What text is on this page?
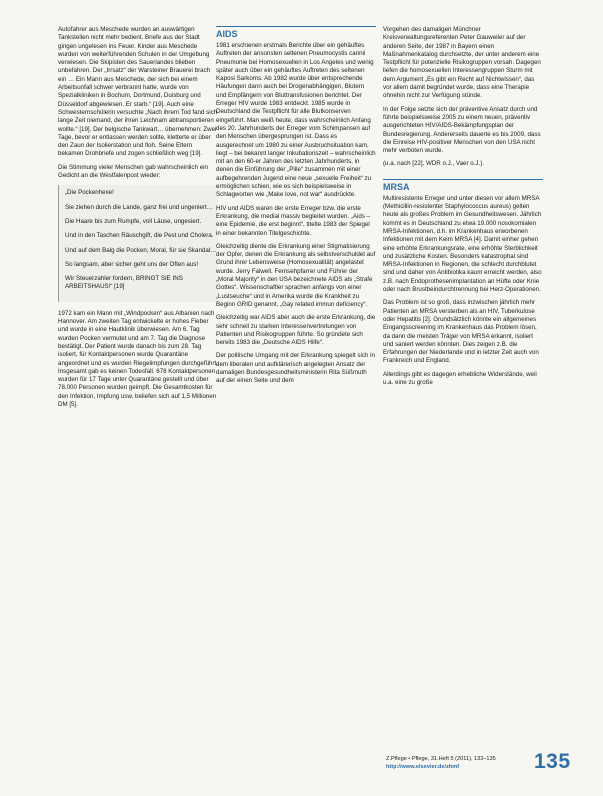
Autofahrer aus Meschede wurden an auswärtigen Tankstellen nicht mehr bedient. Briefe aus der Stadt gingen ungelesen ins Feuer. Kinder aus Meschede wurden von weiterführenden Schulen in der Umgebung verwiesen. Die Skipisten des Sauerlandes blieben unbefahren. Der „Irrsatz“ der Warsteiner Brauerei brach ein … Ein Mann aus Meschede, der sich bei einem Arbeitsunfall schwer verbrannt hatte, wurde von Spezialkliniken in Bochum, Dortmund, Duisburg und Düsseldorf abgewiesen. Er starb.“ [19]. Auch eine Schwesternschülerin versuchte „Nach ihrem Tod fand sich lange Zeit niemand, der ihren Leichnam abtransportieren wollte.“ [19]. Der belgische Tankwart… übernehmen: Zwei Tage, bevor er entlassen werden sollte, kletterte er über den Zaun der Isolierstation und floh. Seine Eltern bekamen Drohbriefe und zogen schließlich weg [19].

Die Stimmung vieler Menschen gab wahrscheinlich ein Gedicht an die Westfalenpost wieder:

„Die Pockenhexe!

Sie ziehen durch die Lande, ganz frei und ungeniert…

Die Haare bis zum Rumpfe, voll Läuse, ungesiert.

Und in den Taschen Räuschgift, die Pest und Cholera.

Und auf dem Balg die Pocken, Moral, für sie Skandal…

So langsam, aber sicher geht uns der Often aus!

Wir Steuerzahler fordern, BRINGT SIE INS ARBEITSHAUS!“ [19]

1972 kam ein Mann mit „Windpocken“ aus Albanien nach Hannover. Am zweiten Tag entwickelte er hohes Fieber und wurde in eine Hautklinik überwiesen. Am 6. Tag wurden Pocken vermutet und am 7. Tag die Diagnose bestätigt. Der Patient wurde danach bis zum 28. Tag isoliert, für Kontaktpersonen wurde Quarantäne angeordnet und es wurden Riegelimpfungen durchgeführt. Insgesamt gab es keinen Todesfall. 678 Kontaktpersonen wurden für 17 Tage unter Quarantäne gestellt und über 78.000 Personen wurden geimpft. Die Gesamtkosten für den Infektion, Impfung usw. beliefen sich auf 1,5 Millionen DM [5].

AIDS

1981 erschienen erstmals Berichte über ein gehäuftes Auftreten der ansonsten seltenen Pneumocystis carinii Pneumonie bei Homosexuellen in Los Angeles und wenig später auch über ein gehäuftes Auftreten des seltenen Kaposi Sarkoms. Ab 1982 wurde über entsprechende Häufungen dann auch bei Drogenabhängigen, Blutern und Empfängern von Bluttransfusionen berichtet. Der Erreger HIV wurde 1983 entdeckt. 1985 wurde in Deutschland die Testpflicht für alle Blutkonserven eingeführt. Man weiß heute, dass wahrscheinlich Anfang des 20. Jahrhunderts der Erreger vom Schimpansen auf den Menschen übergesprungen ist. Dass es ausgerechnet um 1980 zu einer Ausbruchsituation kam, liegt – bei bekannt langer Inkubationszeit – wahrscheinlich mit an den 60-er Jahren des letzten Jahrhunderts, in denen die Einführung der „Pille“ zusammen mit einer aufbegehrenden Jugend eine neue „sexuelle Freiheit“ zu ermöglichen schien, wie es sich beispielsweise in Schlagworten wie „Make love, not war“ ausdrückte.

HIV und AIDS waren der erste Erreger bzw. die erste Erkrankung, die medial massiv begleitet wurden. „Aids – eine Epidemie, die erst beginnt“, titelte 1983 der Spiegel in einer bekannten Titelgeschichte.

Gleichzeitig diente die Erkrankung einer Stigmatisierung der Opfer, denen die Erkrankung als selbstverschuldet auf Grund ihrer Lebensweise (Homosexualität) angelastet wurde. Jerry Falwell, Fernsehpfarrer und Führer der „Moral Majority“ in den USA bezeichnete AIDS als „Strafe Gottes“. Wissenschaftler sprachen anfangs von einer „Lustseuche“ und in Amerika wurde die Krankheit zu Beginn GRID genannt, „Gay related immun deficiency“.

Gleichzeitig war AIDS aber auch die erste Erkrankung, die sehr schnell zu starken Interessenvertretungen von Patienten und Risikogruppen führte. So gründete sich bereits 1983 die „Deutsche AIDS Hilfe“.

Der politische Umgang mit der Erkrankung spiegelt sich in dem liberalen und aufklärerisch angelegten Ansatz der damaligen Bundesgesundheitsministerin Rita Süßmuth auf der einen Seite und dem

Vorgehen des damaligen Münchner Kreisverwaltungsreferenten Peter Gauweiler auf der anderen Seite, der 1987 in Bayern einen Maßnahmenkatalog durchsetzte, der unter anderem eine Testpflicht für potenzielle Risikogruppen vorsah. Dagegen liefen die homosexuellen Interessengruppen Sturm mit dem Argument „Es gibt ein Recht auf Nichtwissen“, das vor allem damit begründet wurde, dass eine Therapie ohnehin nicht zur Verfügung stünde.

In der Folge setzte sich der präventive Ansatz durch und führte beispielsweise 2005 zu einem neuen, präventiv ausgerichteten HIV/AIDS-Bekämpfungsplan der Bundesregierung. Andererseits dauerte es bis 2009, dass die Einreise HIV-positiver Menschen von den USA nicht mehr verboten wurde.

(u.a. nach [22], WDR o.J., Vaer o.J.).

MRSA

Multiresistente Erreger und unter diesen vor allem MRSA (Methicillin-resistenter Staphylococcus aureus) gelten heute als großes Problem im Gesundheitswesen. Jährlich kommt es in Deutschland zu etwa 19.000 nosokomialen MRSA-Infektionen, d.h. im Krankenhaus erworbenen Infektionen mit dem Keim MRSA [4]. Damit einher gehen eine erhöhte Erkrankungsrate, eine erhöhte Sterblichkeit und zusätzliche Kosten. Besonders katastrophal sind MRSA-Infektionen in Regionen, die schlecht durchblutet sind und daher von Antibiotika kaum erreicht werden, also z.B. nach Endoprothesenimplantation an Hüfte oder Knie oder nach Brustbeindurchtrennung bei Herz-Operationen.

Das Problem ist so groß, dass inzwischen jährlich mehr Patienten an MRSA versterben als an HIV, Tuberkulose oder Hepatitis [2]. Grundsätzlich könnte ein allgemeines Eingangsscreening im Krankenhaus das Problem lösen, da dann die meisten Träger von MRSA erkannt, isoliert und saniert werden könnten. Dies zeigen z.B. die Erfahrungen der Niederlande und in letzter Zeit auch von Frankreich und England.

Allerdings gibt es dagegen erhebliche Widerstände, weil u.a. eine zu große

Z.Pflege • Pflege, 31.Heft 5 (2011), 133–135
http://www.elsevier.de/zhmf	135
